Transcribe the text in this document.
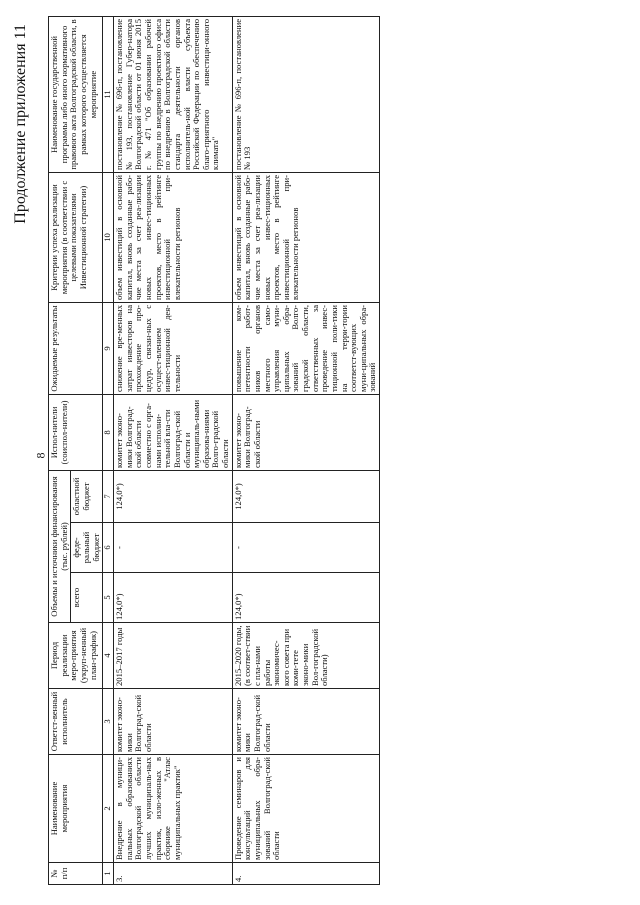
8
Продолжение приложения 11
№ п/п	Наименование мероприятия	Ответст-венный исполнитель	Период реализации меро-приятия (укруп-ненный план-график)	Объемы и источники финансирования (тыс. рублей)			Испол-нители (соиспол-нители)	Ожидаемые результаты	Критерии успеха реализации мероприятия (в соответствии с целевыми показателями Инвестиционной стратегии)	Наименование государственной программы либо иного нормативного правового акта Волгоградской области, в рамках которого осуществляется мероприятие
				всего	феде-ральный бюджет	областной бюджет				
1	2	3	4	5	6	7	8	9	10	11
3.	Внедрение в муници-пальных образованиях Волгоградской области лучших муниципаль-ных практик, изло-женных в сборнике "Атлас муниципальных практик"	комитет эконо-мики Волгоград-ской области	2015–2017 годы	124,0*)	-	124,0*)	комитет эконо-мики Волгоград-ской области совместно с орга-нами исполни-тельной вла-сти Волгоград-ской области и муниципаль-ными образова-ниями Волго-градской области	снижение вре-менных затрат инвесторов на прохождение про-цедур, связан-ных с осущест-влением инвес-тиционной дея-тельности	объем инвестиций в основной капитал, вновь созданные рабо-чие места за счет реа-лизации новых инвес-тиционных проектов, место в рейтинге инвестиционной при-влекательности регионов	постановление № 696-п, постановление № 193, постановление Губер-натора Волгоградской области от 01 июня 2015 г. № 471 "Об образовании рабочей группы по внедрению проектного офиса по внедрению в Волгоградской области стандарта деятельности органов исполнитель-ной власти субъекта Российской Федерации по обеспечению благо-приятного инвестици-онного климата"
4.	Проведение семинаров и консультаций для муниципальных обра-зований Волгоград-ской области	комитет эконо-мики Волгоград-ской области	2015–2020 годы, (в соответ-ствии с пла-нами работы экономичес-кого совета при коми-тете эконо-мики Вол-гоградской области)	124,0*)	-	124,0*)	комитет эконо-мики Волгоград-ской области	повышение ком-петентности работ-ников органов местного само-управления муни-ципальных обра-зований Волго-градской области, ответственных за проведение инвес-тиционной поли-тики на терри-тории соответст-вующих муни-ципальных обра-зований	объем инвестиций в основной капитал, вновь созданные рабо-чие места за счет реа-лизации новых инвес-тиционных проектов, место в рейтинге инвестиционной при-влекательности регионов	постановление № 696-п, постановление № 193
